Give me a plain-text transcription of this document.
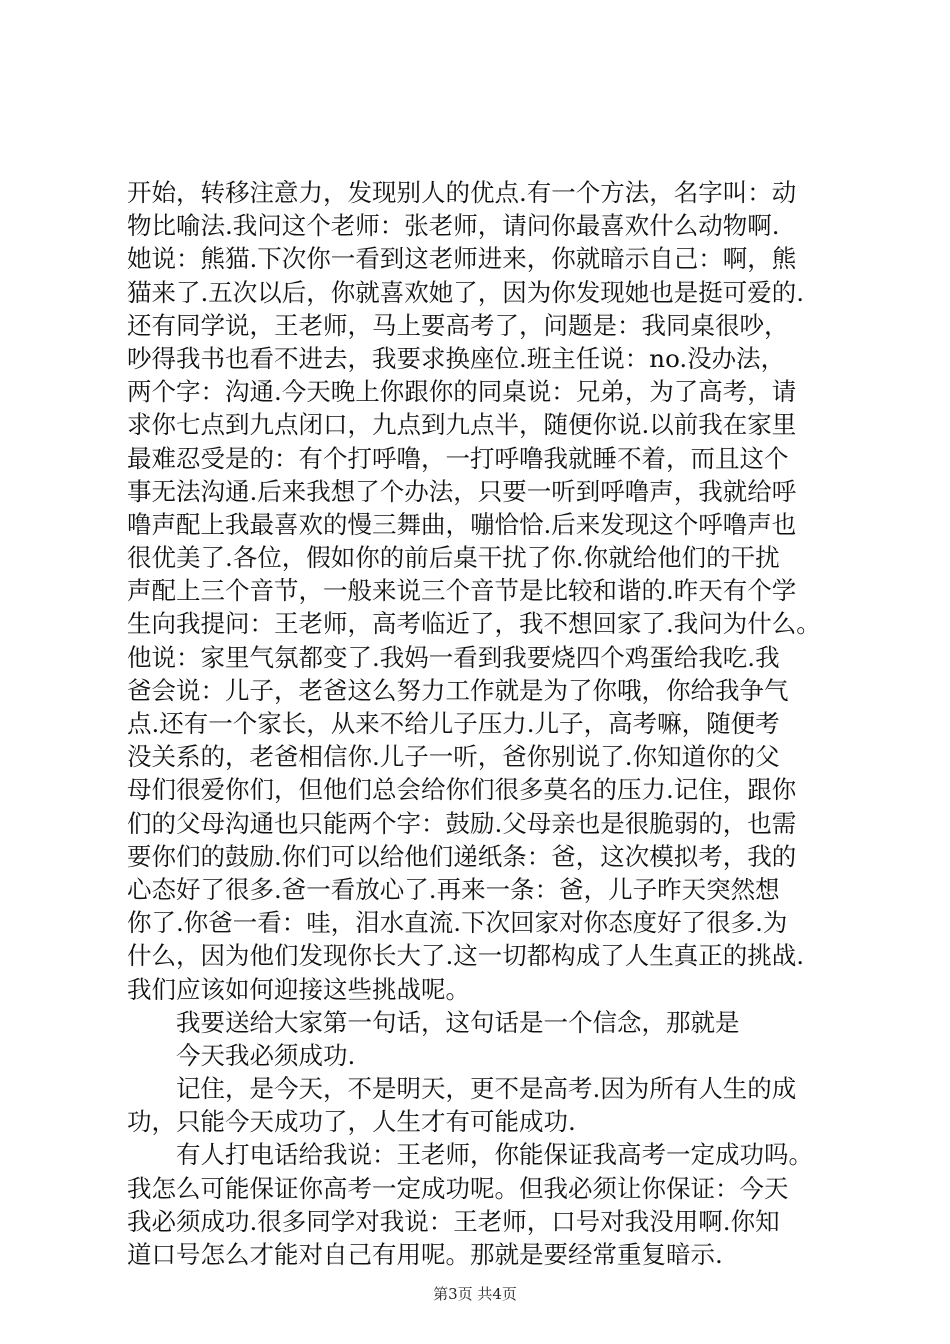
开始，转移注意力，发现别人的优点.有一个方法，名字叫：动
物比喻法.我问这个老师：张老师，请问你最喜欢什么动物啊.
她说：熊猫.下次你一看到这老师进来，你就暗示自己：啊，熊
猫来了.五次以后，你就喜欢她了，因为你发现她也是挺可爱的.
还有同学说，王老师，马上要高考了，问题是：我同桌很吵，
吵得我书也看不进去，我要求换座位.班主任说：no.没办法，
两个字：沟通.今天晚上你跟你的同桌说：兄弟，为了高考，请
求你七点到九点闭口，九点到九点半，随便你说.以前我在家里
最难忍受是的：有个打呼噜，一打呼噜我就睡不着，而且这个
事无法沟通.后来我想了个办法，只要一听到呼噜声，我就给呼
噜声配上我最喜欢的慢三舞曲，嘣恰恰.后来发现这个呼噜声也
很优美了.各位，假如你的前后桌干扰了你.你就给他们的干扰
声配上三个音节，一般来说三个音节是比较和谐的.昨天有个学
生向我提问：王老师，高考临近了，我不想回家了.我问为什么。
他说：家里气氛都变了.我妈一看到我要烧四个鸡蛋给我吃.我
爸会说：儿子，老爸这么努力工作就是为了你哦，你给我争气
点.还有一个家长，从来不给儿子压力.儿子，高考嘛，随便考
没关系的，老爸相信你.儿子一听，爸你别说了.你知道你的父
母们很爱你们，但他们总会给你们很多莫名的压力.记住，跟你
们的父母沟通也只能两个字：鼓励.父母亲也是很脆弱的，也需
要你们的鼓励.你们可以给他们递纸条：爸，这次模拟考，我的
心态好了很多.爸一看放心了.再来一条：爸，儿子昨天突然想
你了.你爸一看：哇，泪水直流.下次回家对你态度好了很多.为
什么，因为他们发现你长大了.这一切都构成了人生真正的挑战.
我们应该如何迎接这些挑战呢。
　　我要送给大家第一句话，这句话是一个信念，那就是
　　今天我必须成功.
　　记住，是今天，不是明天，更不是高考.因为所有人生的成
功，只能今天成功了，人生才有可能成功.
　　有人打电话给我说：王老师，你能保证我高考一定成功吗。
我怎么可能保证你高考一定成功呢。但我必须让你保证：今天
我必须成功.很多同学对我说：王老师，口号对我没用啊.你知
道口号怎么才能对自己有用呢。那就是要经常重复暗示.
第3页 共4页
